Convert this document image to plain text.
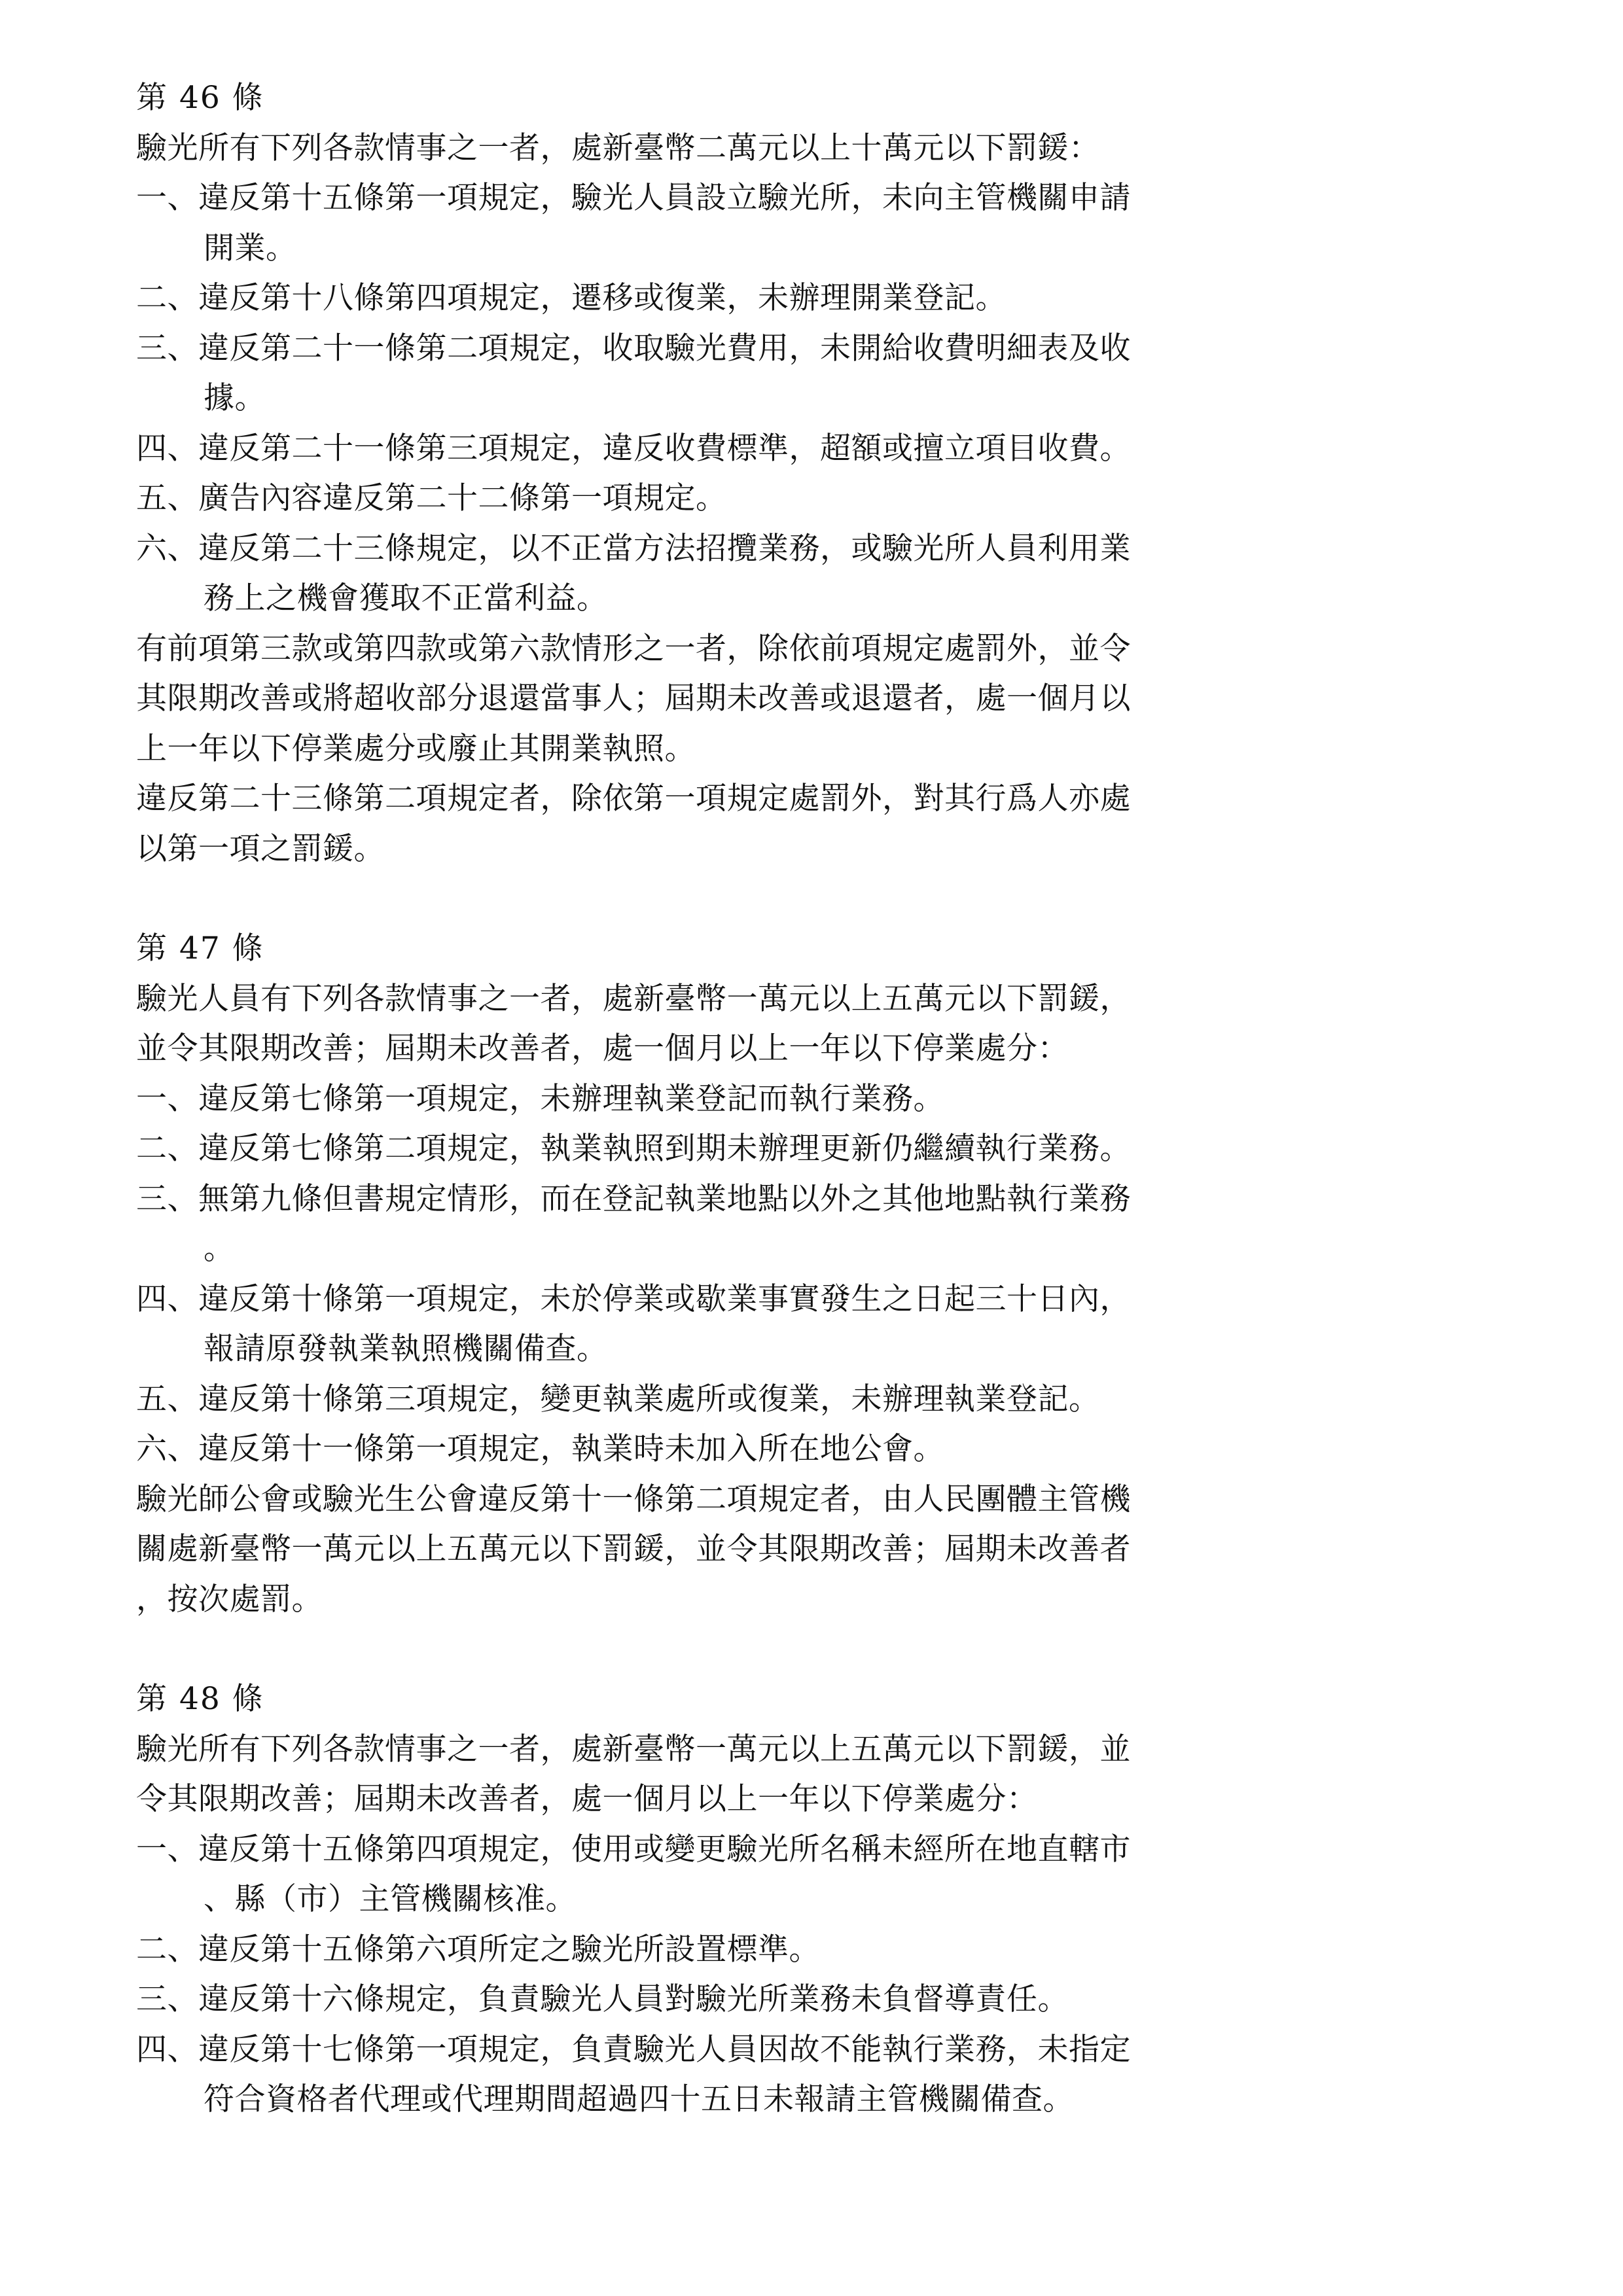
第 46 條
驗光所有下列各款情事之一者，處新臺幣二萬元以上十萬元以下罰鍰：
一、違反第十五條第一項規定，驗光人員設立驗光所，未向主管機關申請
開業。
二、違反第十八條第四項規定，遷移或復業，未辦理開業登記。
三、違反第二十一條第二項規定，收取驗光費用，未開給收費明細表及收
據。
四、違反第二十一條第三項規定，違反收費標準，超額或擅立項目收費。
五、廣告內容違反第二十二條第一項規定。
六、違反第二十三條規定，以不正當方法招攬業務，或驗光所人員利用業
務上之機會獲取不正當利益。
有前項第三款或第四款或第六款情形之一者，除依前項規定處罰外，並令
其限期改善或將超收部分退還當事人；屆期未改善或退還者，處一個月以
上一年以下停業處分或廢止其開業執照。
違反第二十三條第二項規定者，除依第一項規定處罰外，對其行爲人亦處
以第一項之罰鍰。
第 47 條
驗光人員有下列各款情事之一者，處新臺幣一萬元以上五萬元以下罰鍰，
並令其限期改善；屆期未改善者，處一個月以上一年以下停業處分：
一、違反第七條第一項規定，未辦理執業登記而執行業務。
二、違反第七條第二項規定，執業執照到期未辦理更新仍繼續執行業務。
三、無第九條但書規定情形，而在登記執業地點以外之其他地點執行業務
。
四、違反第十條第一項規定，未於停業或歇業事實發生之日起三十日內，
報請原發執業執照機關備查。
五、違反第十條第三項規定，變更執業處所或復業，未辦理執業登記。
六、違反第十一條第一項規定，執業時未加入所在地公會。
驗光師公會或驗光生公會違反第十一條第二項規定者，由人民團體主管機
關處新臺幣一萬元以上五萬元以下罰鍰，並令其限期改善；屆期未改善者
，按次處罰。
第 48 條
驗光所有下列各款情事之一者，處新臺幣一萬元以上五萬元以下罰鍰，並
令其限期改善；屆期未改善者，處一個月以上一年以下停業處分：
一、違反第十五條第四項規定，使用或變更驗光所名稱未經所在地直轄市
、縣（市）主管機關核准。
二、違反第十五條第六項所定之驗光所設置標準。
三、違反第十六條規定，負責驗光人員對驗光所業務未負督導責任。
四、違反第十七條第一項規定，負責驗光人員因故不能執行業務，未指定
符合資格者代理或代理期間超過四十五日未報請主管機關備查。
